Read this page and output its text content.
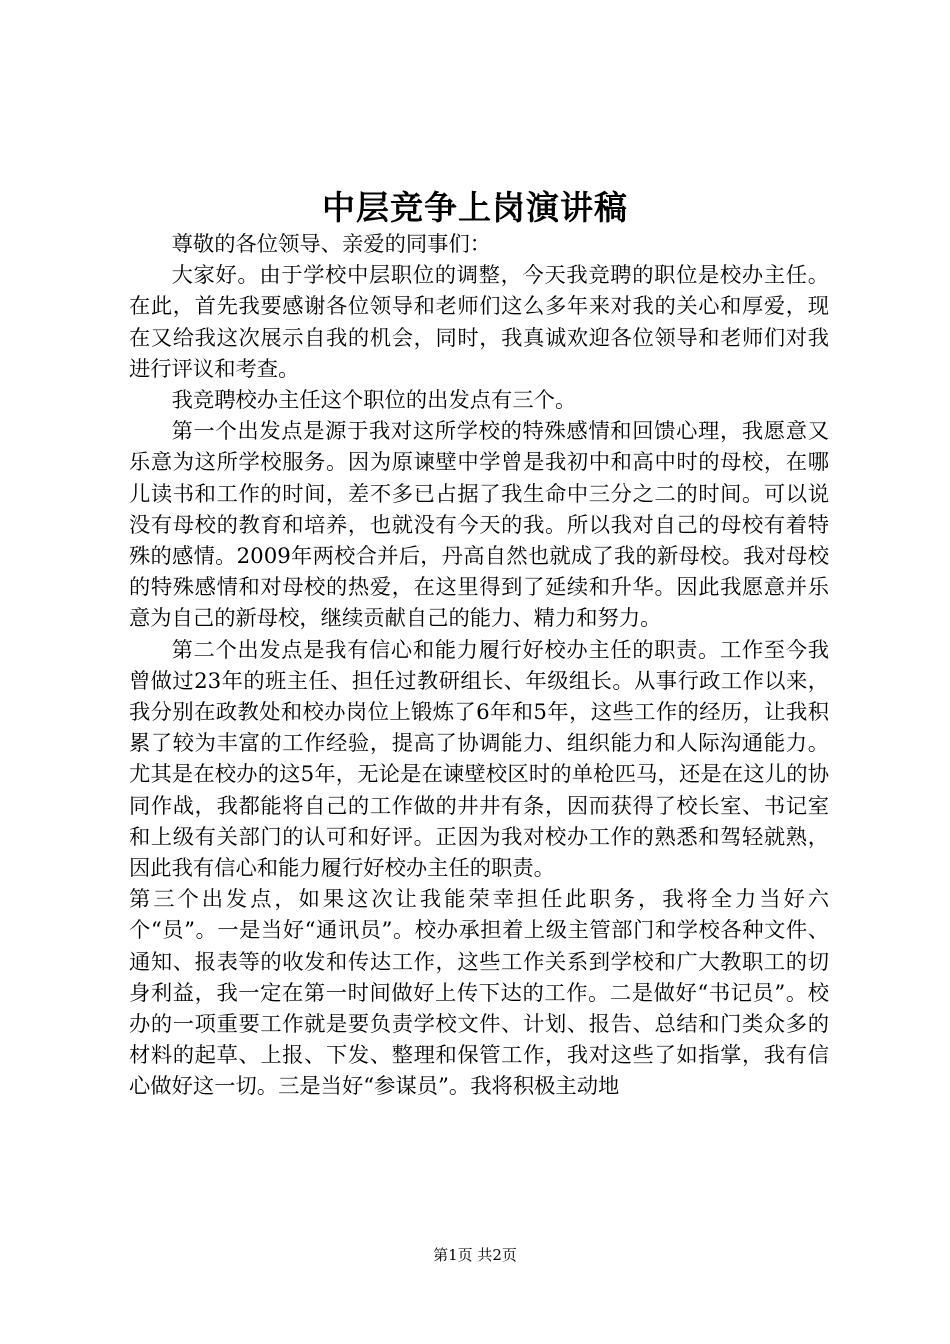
中层竞争上岗演讲稿

尊敬的各位领导、亲爱的同事们：

大家好。由于学校中层职位的调整，今天我竞聘的职位是校办主任。在此，首先我要感谢各位领导和老师们这么多年来对我的关心和厚爱，现在又给我这次展示自我的机会，同时，我真诚欢迎各位领导和老师们对我进行评议和考查。

我竞聘校办主任这个职位的出发点有三个。

第一个出发点是源于我对这所学校的特殊感情和回馈心理，我愿意又乐意为这所学校服务。因为原谏壁中学曾是我初中和高中时的母校，在哪儿读书和工作的时间，差不多已占据了我生命中三分之二的时间。可以说没有母校的教育和培养，也就没有今天的我。所以我对自己的母校有着特殊的感情。2009年两校合并后，丹高自然也就成了我的新母校。我对母校的特殊感情和对母校的热爱，在这里得到了延续和升华。因此我愿意并乐意为自己的新母校，继续贡献自己的能力、精力和努力。

第二个出发点是我有信心和能力履行好校办主任的职责。工作至今我曾做过23年的班主任、担任过教研组长、年级组长。从事行政工作以来，我分别在政教处和校办岗位上锻炼了6年和5年，这些工作的经历，让我积累了较为丰富的工作经验，提高了协调能力、组织能力和人际沟通能力。尤其是在校办的这5年，无论是在谏壁校区时的单枪匹马，还是在这儿的协同作战，我都能将自己的工作做的井井有条，因而获得了校长室、书记室和上级有关部门的认可和好评。正因为我对校办工作的熟悉和驾轻就熟，因此我有信心和能力履行好校办主任的职责。

第三个出发点，如果这次让我能荣幸担任此职务，我将全力当好六个“员”。一是当好“通讯员”。校办承担着上级主管部门和学校各种文件、通知、报表等的收发和传达工作，这些工作关系到学校和广大教职工的切身利益，我一定在第一时间做好上传下达的工作。二是做好“书记员”。校办的一项重要工作就是要负责学校文件、计划、报告、总结和门类众多的材料的起草、上报、下发、整理和保管工作，我对这些了如指掌，我有信心做好这一切。三是当好“参谋员”。我将积极主动地

第1页 共2页
